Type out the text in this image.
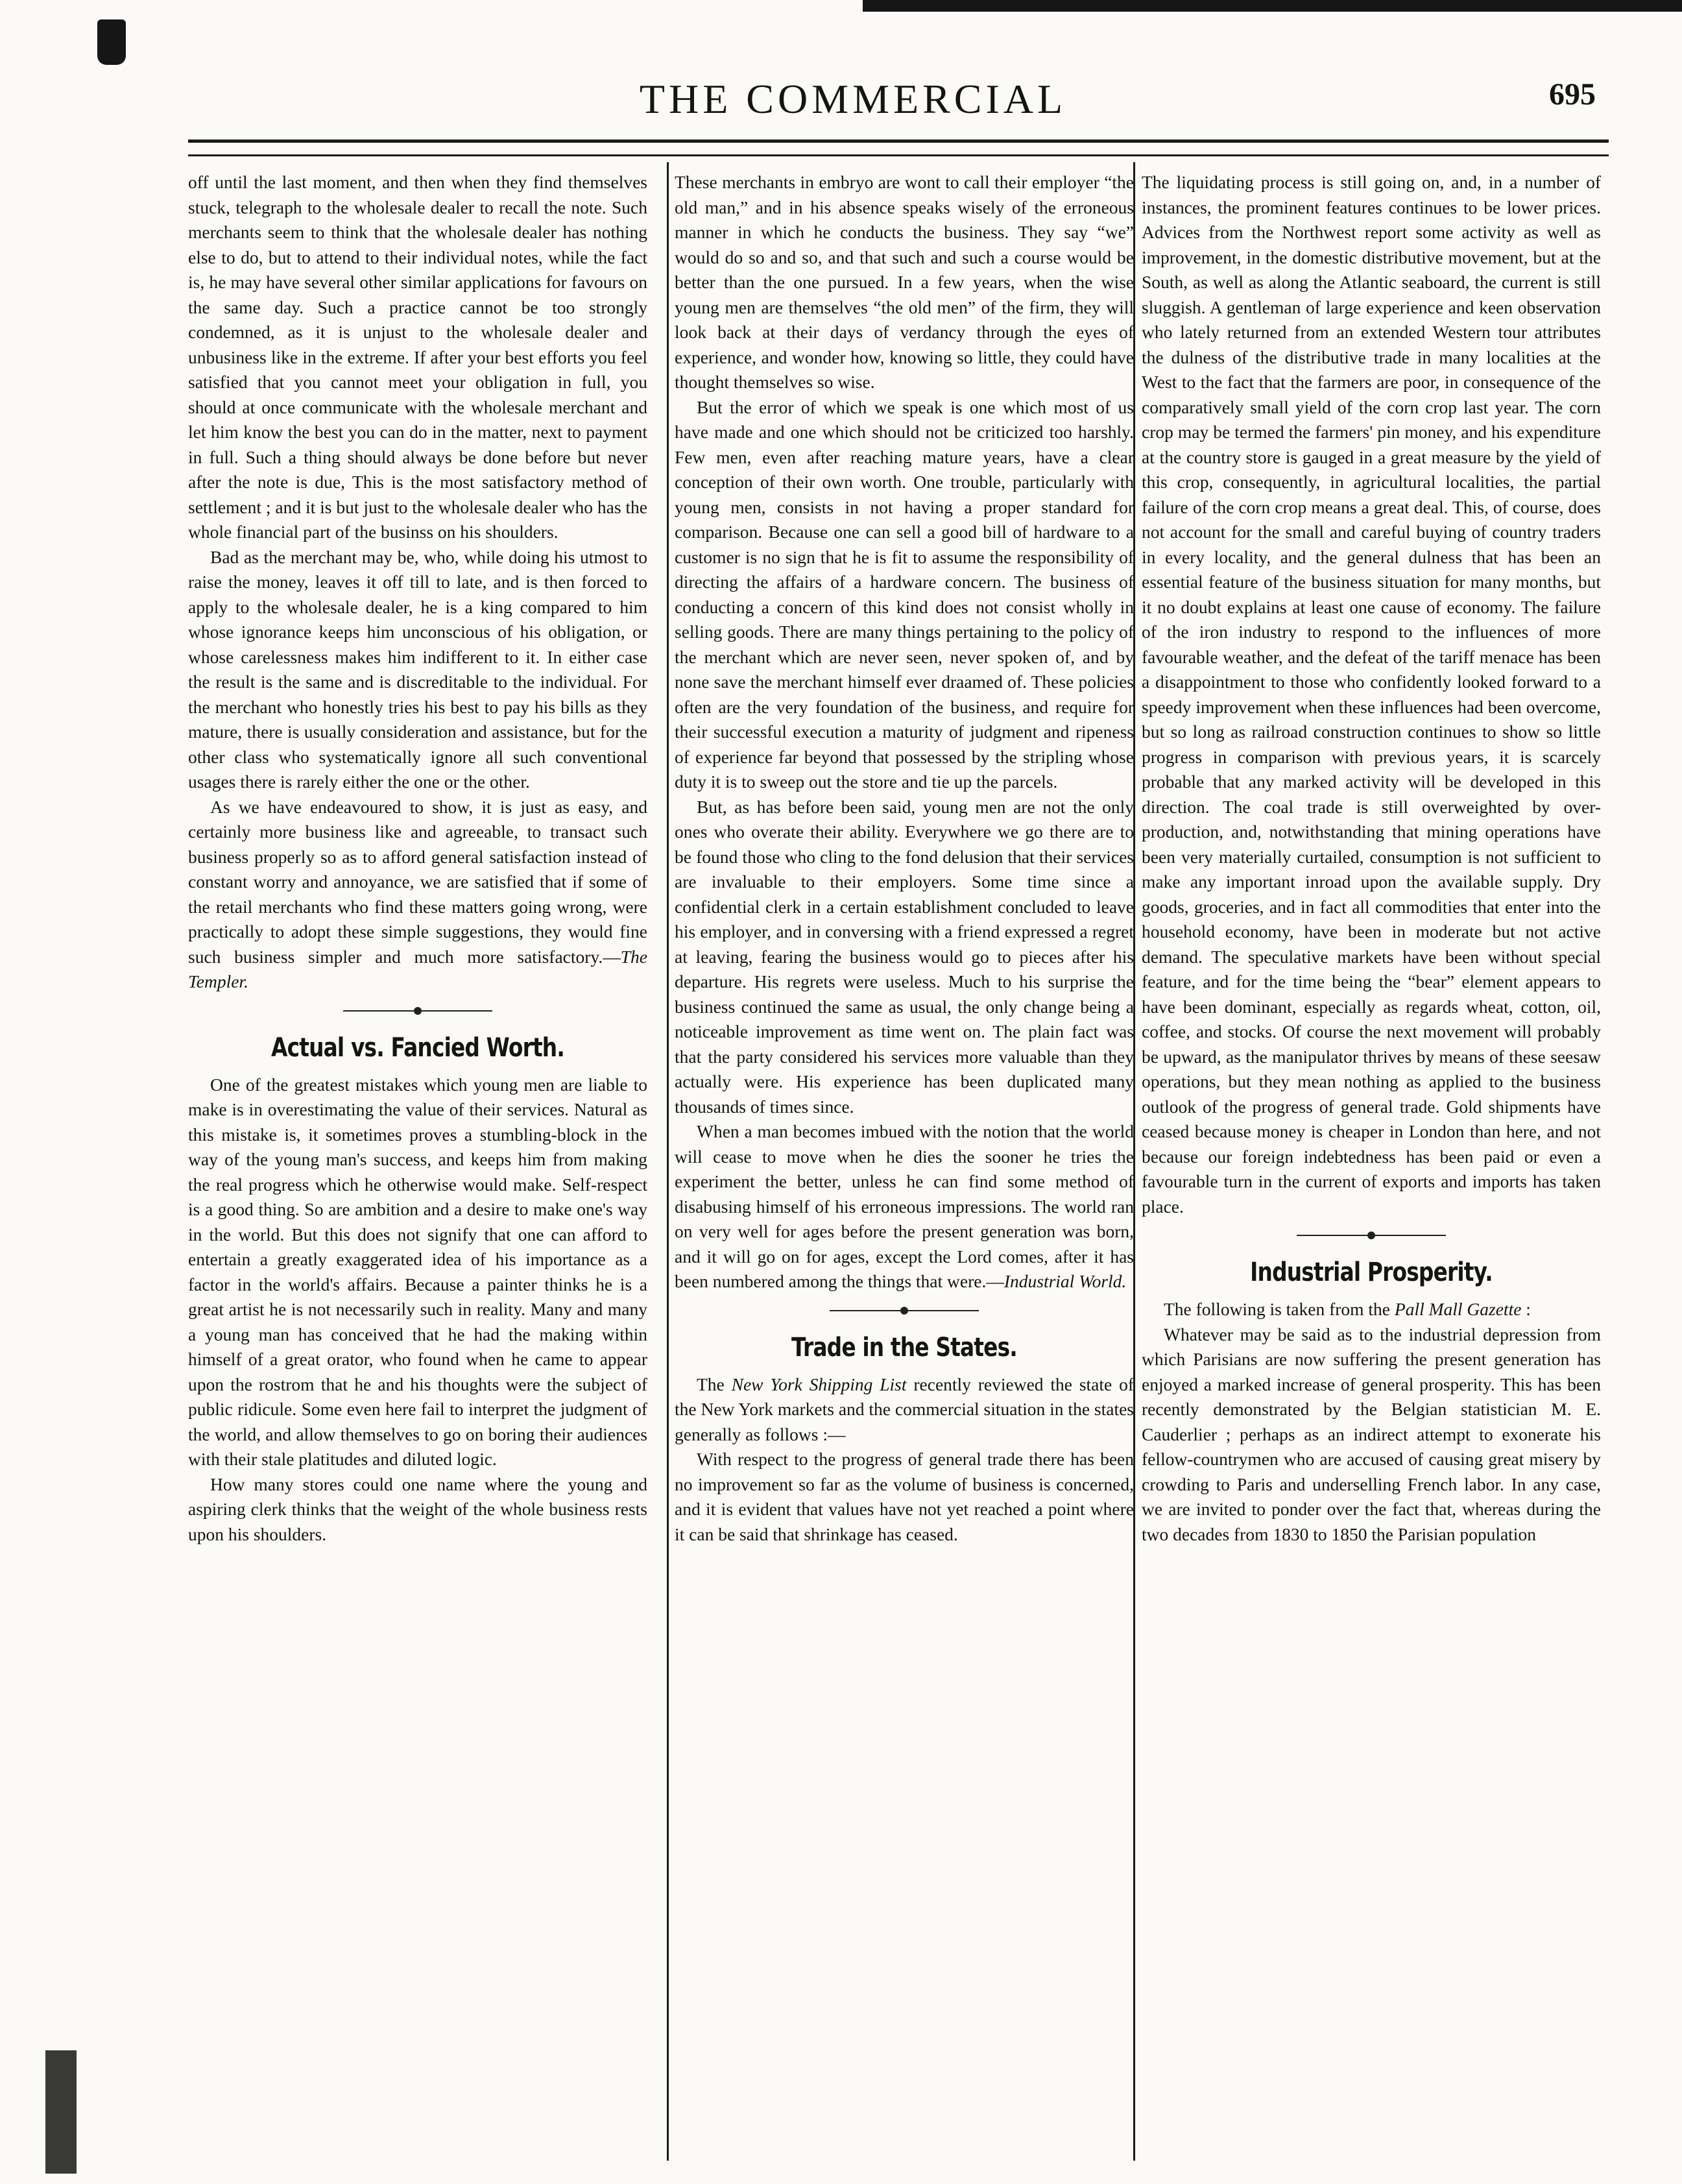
THE COMMERCIAL	695

off until the last moment, and then when they find themselves stuck, telegraph to the wholesale dealer to recall the note. Such merchants seem to think that the wholesale dealer has nothing else to do, but to attend to their individual notes, while the fact is, he may have several other similar applications for favours on the same day. Such a practice cannot be too strongly condemned, as it is unjust to the wholesale dealer and unbusiness like in the extreme. If after your best efforts you feel satisfied that you cannot meet your obligation in full, you should at once communicate with the wholesale merchant and let him know the best you can do in the matter, next to payment in full. Such a thing should always be done before but never after the note is due, This is the most satisfactory method of settlement ; and it is but just to the wholesale dealer who has the whole financial part of the businss on his shoulders.

Bad as the merchant may be, who, while doing his utmost to raise the money, leaves it off till to late, and is then forced to apply to the wholesale dealer, he is a king compared to him whose ignorance keeps him unconscious of his obligation, or whose carelessness makes him indifferent to it. In either case the result is the same and is discreditable to the individual. For the merchant who honestly tries his best to pay his bills as they mature, there is usually consideration and assistance, but for the other class who systematically ignore all such conventional usages there is rarely either the one or the other.

As we have endeavoured to show, it is just as easy, and certainly more business like and agreeable, to transact such business properly so as to afford general satisfaction instead of constant worry and annoyance, we are satisfied that if some of the retail merchants who find these matters going wrong, were practically to adopt these simple suggestions, they would fine such business simpler and much more satisfactory.—The Templer.

Actual vs. Fancied Worth.

One of the greatest mistakes which young men are liable to make is in overestimating the value of their services. Natural as this mistake is, it sometimes proves a stumbling-block in the way of the young man's success, and keeps him from making the real progress which he otherwise would make. Self-respect is a good thing. So are ambition and a desire to make one's way in the world. But this does not signify that one can afford to entertain a greatly exaggerated idea of his importance as a factor in the world's affairs. Because a painter thinks he is a great artist he is not necessarily such in reality. Many and many a young man has conceived that he had the making within himself of a great orator, who found when he came to appear upon the rostrom that he and his thoughts were the subject of public ridicule. Some even here fail to interpret the judgment of the world, and allow themselves to go on boring their audiences with their stale platitudes and diluted logic.

How many stores could one name where the young and aspiring clerk thinks that the weight of the whole business rests upon his shoulders.

These merchants in embryo are wont to call their employer “the old man,” and in his absence speaks wisely of the erroneous manner in which he conducts the business. They say “we” would do so and so, and that such and such a course would be better than the one pursued. In a few years, when the wise young men are themselves “the old men” of the firm, they will look back at their days of verdancy through the eyes of experience, and wonder how, knowing so little, they could have thought themselves so wise.

But the error of which we speak is one which most of us have made and one which should not be criticized too harshly. Few men, even after reaching mature years, have a clear conception of their own worth. One trouble, particularly with young men, consists in not having a proper standard for comparison. Because one can sell a good bill of hardware to a customer is no sign that he is fit to assume the responsibility of directing the affairs of a hardware concern. The business of conducting a concern of this kind does not consist wholly in selling goods. There are many things pertaining to the policy of the merchant which are never seen, never spoken of, and by none save the merchant himself ever draamed of. These policies often are the very foundation of the business, and require for their successful execution a maturity of judgment and ripeness of experience far beyond that possessed by the stripling whose duty it is to sweep out the store and tie up the parcels.

But, as has before been said, young men are not the only ones who overate their ability. Everywhere we go there are to be found those who cling to the fond delusion that their services are invaluable to their employers. Some time since a confidential clerk in a certain establishment concluded to leave his employer, and in conversing with a friend expressed a regret at leaving, fearing the business would go to pieces after his departure. His regrets were useless. Much to his surprise the business continued the same as usual, the only change being a noticeable improvement as time went on. The plain fact was that the party considered his services more valuable than they actually were. His experience has been duplicated many thousands of times since.

When a man becomes imbued with the notion that the world will cease to move when he dies the sooner he tries the experiment the better, unless he can find some method of disabusing himself of his erroneous impressions. The world ran on very well for ages before the present generation was born, and it will go on for ages, except the Lord comes, after it has been numbered among the things that were.—Industrial World.

Trade in the States.

The New York Shipping List recently reviewed the state of the New York markets and the commercial situation in the states generally as follows :—

With respect to the progress of general trade there has been no improvement so far as the volume of business is concerned, and it is evident that values have not yet reached a point where it can be said that shrinkage has ceased.

The liquidating process is still going on, and, in a number of instances, the prominent features continues to be lower prices. Advices from the Northwest report some activity as well as improvement, in the domestic distributive movement, but at the South, as well as along the Atlantic seaboard, the current is still sluggish. A gentleman of large experience and keen observation who lately returned from an extended Western tour attributes the dulness of the distributive trade in many localities at the West to the fact that the farmers are poor, in consequence of the comparatively small yield of the corn crop last year. The corn crop may be termed the farmers' pin money, and his expenditure at the country store is gauged in a great measure by the yield of this crop, consequently, in agricultural localities, the partial failure of the corn crop means a great deal. This, of course, does not account for the small and careful buying of country traders in every locality, and the general dulness that has been an essential feature of the business situation for many months, but it no doubt explains at least one cause of economy. The failure of the iron industry to respond to the influences of more favourable weather, and the defeat of the tariff menace has been a disappointment to those who confidently looked forward to a speedy improvement when these influences had been overcome, but so long as railroad construction continues to show so little progress in comparison with previous years, it is scarcely probable that any marked activity will be developed in this direction. The coal trade is still overweighted by over-production, and, notwithstanding that mining operations have been very materially curtailed, consumption is not sufficient to make any important inroad upon the available supply. Dry goods, groceries, and in fact all commodities that enter into the household economy, have been in moderate but not active demand. The speculative markets have been without special feature, and for the time being the “bear” element appears to have been dominant, especially as regards wheat, cotton, oil, coffee, and stocks. Of course the next movement will probably be upward, as the manipulator thrives by means of these seesaw operations, but they mean nothing as applied to the business outlook of the progress of general trade. Gold shipments have ceased because money is cheaper in London than here, and not because our foreign indebtedness has been paid or even a favourable turn in the current of exports and imports has taken place.

Industrial Prosperity.

The following is taken from the Pall Mall Gazette :

Whatever may be said as to the industrial depression from which Parisians are now suffering the present generation has enjoyed a marked increase of general prosperity. This has been recently demonstrated by the Belgian statistician M. E. Cauderlier ; perhaps as an indirect attempt to exonerate his fellow-countrymen who are accused of causing great misery by crowding to Paris and underselling French labor. In any case, we are invited to ponder over the fact that, whereas during the two decades from 1830 to 1850 the Parisian population
